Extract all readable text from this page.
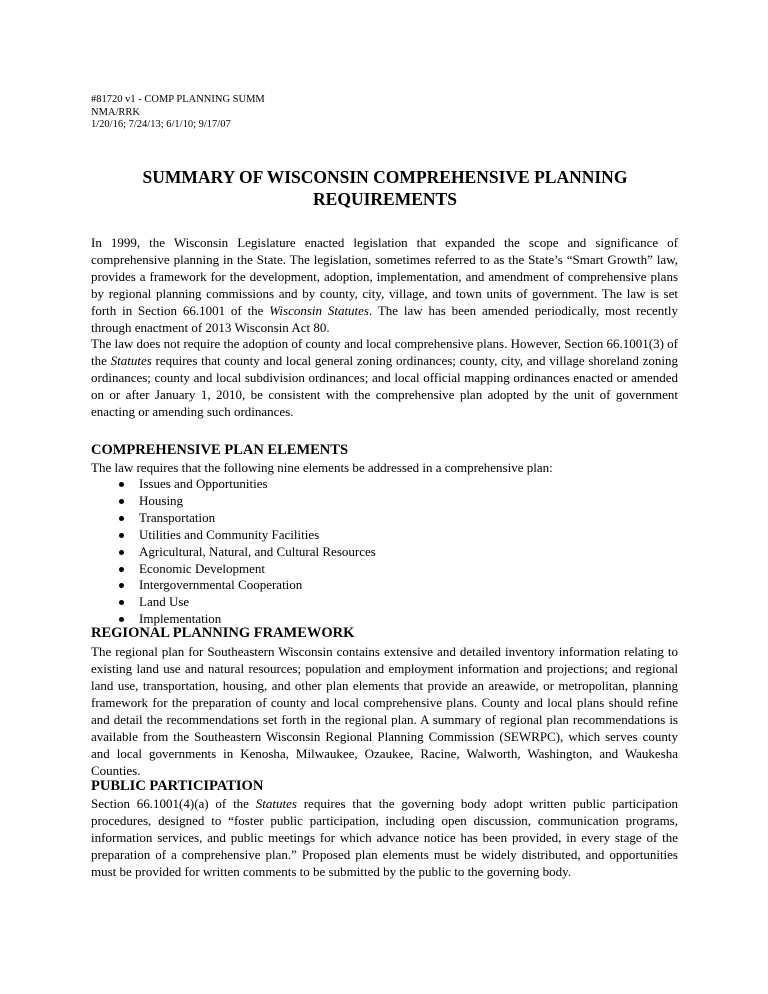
#81720 v1 - COMP PLANNING SUMM
NMA/RRK
1/20/16; 7/24/13; 6/1/10; 9/17/07
SUMMARY OF WISCONSIN COMPREHENSIVE PLANNING
REQUIREMENTS

In 1999, the Wisconsin Legislature enacted legislation that expanded the scope and significance of comprehensive planning in the State. The legislation, sometimes referred to as the State’s “Smart Growth” law, provides a framework for the development, adoption, implementation, and amendment of comprehensive plans by regional planning commissions and by county, city, village, and town units of government. The law is set forth in Section 66.1001 of the Wisconsin Statutes. The law has been amended periodically, most recently through enactment of 2013 Wisconsin Act 80.

The law does not require the adoption of county and local comprehensive plans. However, Section 66.1001(3) of the Statutes requires that county and local general zoning ordinances; county, city, and village shoreland zoning ordinances; county and local subdivision ordinances; and local official mapping ordinances enacted or amended on or after January 1, 2010, be consistent with the comprehensive plan adopted by the unit of government enacting or amending such ordinances.

COMPREHENSIVE PLAN ELEMENTS
The law requires that the following nine elements be addressed in a comprehensive plan:
Issues and Opportunities
Housing
Transportation
Utilities and Community Facilities
Agricultural, Natural, and Cultural Resources
Economic Development
Intergovernmental Cooperation
Land Use
Implementation
REGIONAL PLANNING FRAMEWORK
The regional plan for Southeastern Wisconsin contains extensive and detailed inventory information relating to existing land use and natural resources; population and employment information and projections; and regional land use, transportation, housing, and other plan elements that provide an areawide, or metropolitan, planning framework for the preparation of county and local comprehensive plans. County and local plans should refine and detail the recommendations set forth in the regional plan. A summary of regional plan recommendations is available from the Southeastern Wisconsin Regional Planning Commission (SEWRPC), which serves county and local governments in Kenosha, Milwaukee, Ozaukee, Racine, Walworth, Washington, and Waukesha Counties.
PUBLIC PARTICIPATION

Section 66.1001(4)(a) of the Statutes requires that the governing body adopt written public participation procedures, designed to “foster public participation, including open discussion, communication programs, information services, and public meetings for which advance notice has been provided, in every stage of the preparation of a comprehensive plan.” Proposed plan elements must be widely distributed, and opportunities must be provided for written comments to be submitted by the public to the governing body.
